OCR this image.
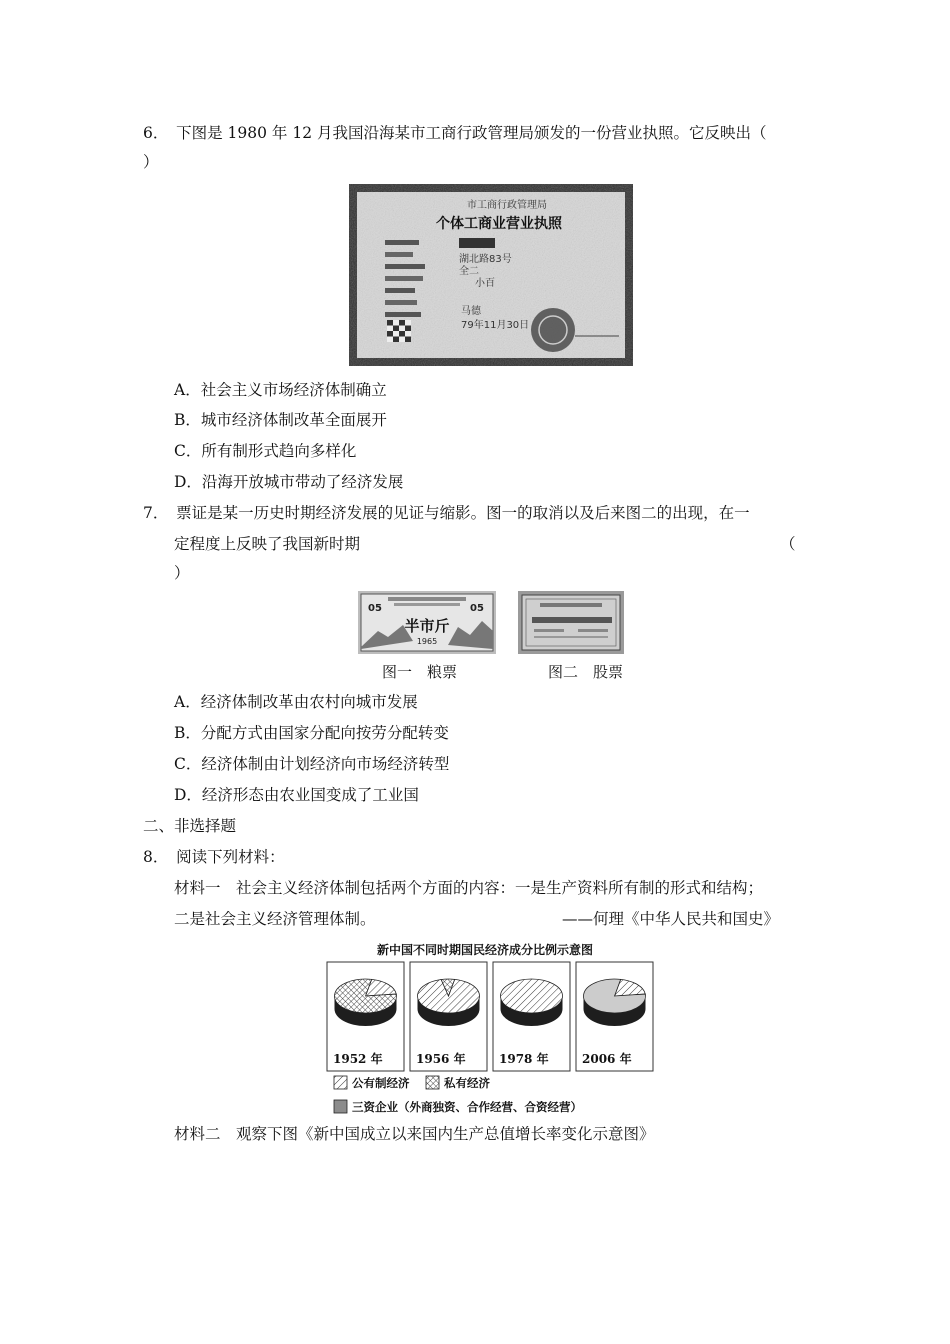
6．　下图是 1980 年 12 月我国沿海某市工商行政管理局颁发的一份营业执照。它反映出（
）
市工商行政管理局
个体工商业营业执照
湖北路83号
全二
小百
马德
79年11月30日
A．社会主义市场经济体制确立
B．城市经济体制改革全面展开
C．所有制形式趋向多样化
D．沿海开放城市带动了经济发展
7．　票证是某一历史时期经济发展的见证与缩影。图一的取消以及后来图二的出现，在一
定程度上反映了我国新时期	（
）
05	05
半市斤
1965
图一　粮票	图二　股票
A．经济体制改革由农村向城市发展
B．分配方式由国家分配向按劳分配转变
C．经济体制由计划经济向市场经济转型
D．经济形态由农业国变成了工业国
二、非选择题
8．　阅读下列材料：
材料一　社会主义经济体制包括两个方面的内容：一是生产资料所有制的形式和结构；
二是社会主义经济管理体制。	——何理《中华人民共和国史》
新中国不同时期国民经济成分比例示意图
1952 年	1956 年	1978 年	2006 年
公有制经济	私有经济
三资企业（外商独资、合作经营、合资经营）
材料二　观察下图《新中国成立以来国内生产总值增长率变化示意图》
